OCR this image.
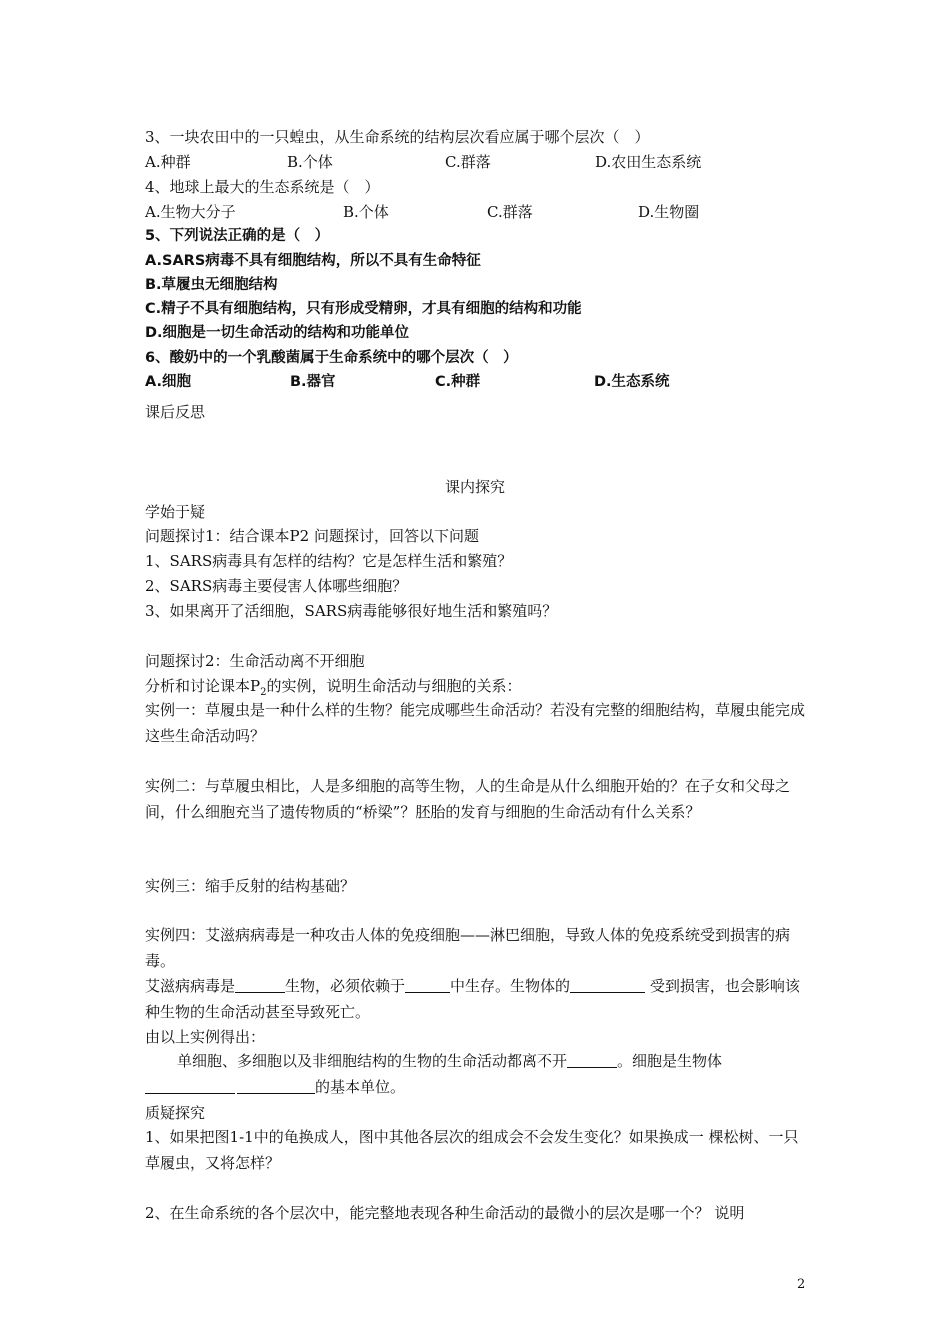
3、一块农田中的一只蝗虫，从生命系统的结构层次看应属于哪个层次（　）
A.种群	B.个体	C.群落	D.农田生态系统
4、地球上最大的生态系统是（　）
A.生物大分子	B.个体	C.群落	D.生物圈
5、下列说法正确的是（　）
A.SARS病毒不具有细胞结构，所以不具有生命特征
B.草履虫无细胞结构
C.精子不具有细胞结构，只有形成受精卵，才具有细胞的结构和功能
D.细胞是一切生命活动的结构和功能单位
6、酸奶中的一个乳酸菌属于生命系统中的哪个层次（　）
A.细胞	B.器官	C.种群	D.生态系统
课后反思
课内探究
学始于疑
问题探讨1：结合课本P2 问题探讨，回答以下问题
1、SARS病毒具有怎样的结构？它是怎样生活和繁殖？
2、SARS病毒主要侵害人体哪些细胞？
3、如果离开了活细胞，SARS病毒能够很好地生活和繁殖吗？
问题探讨2：生命活动离不开细胞
分析和讨论课本$P_2$的实例，说明生命活动与细胞的关系：
实例一：草履虫是一种什么样的生物？能完成哪些生命活动？若没有完整的细胞结构，草履虫能完成这些生命活动吗？
实例二：与草履虫相比，人是多细胞的高等生物，人的生命是从什么细胞开始的？在子女和父母之间，什么细胞充当了遗传物质的“桥梁”？胚胎的发育与细胞的生命活动有什么关系？
实例三：缩手反射的结构基础？
实例四：艾滋病病毒是一种攻击人体的免疫细胞——淋巴细胞，导致人体的免疫系统受到损害的病毒。
艾滋病病毒是	生物，必须依赖于	中生存。生物体的	受到损害，也会影响该种生物的生命活动甚至导致死亡。
由以上实例得出：
单细胞、多细胞以及非细胞结构的生物的生命活动都离不开	。细胞是生物体 的基本单位。
质疑探究
1、如果把图1-1中的龟换成人，图中其他各层次的组成会不会发生变化？如果换成一 棵松树、一只草履虫，又将怎样？
2、在生命系统的各个层次中，能完整地表现各种生命活动的最微小的层次是哪一个？ 说明
2
